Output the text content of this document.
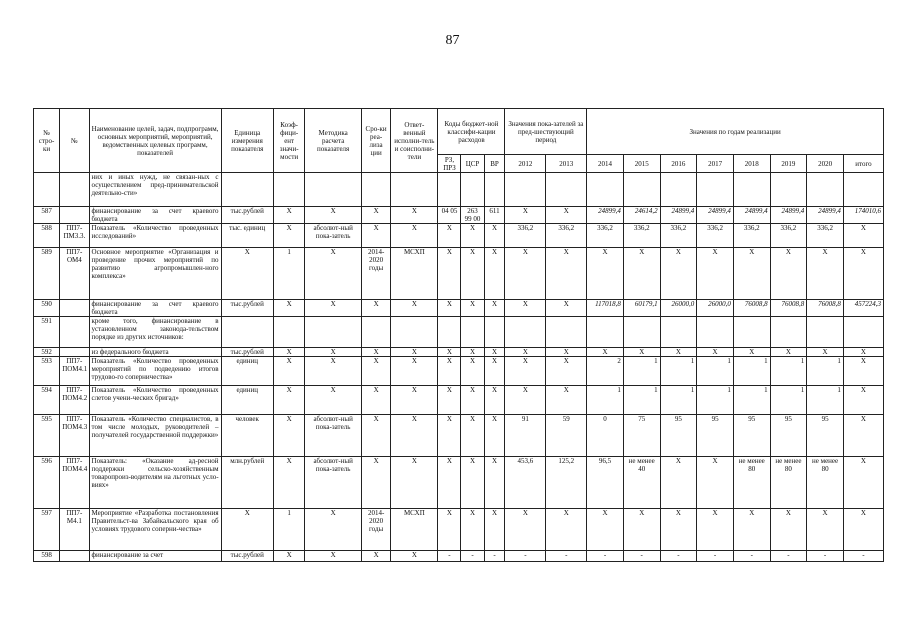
87
№ стро-ки	№	Наименование целей, задач, подпрограмм, основных мероприятий, мероприятий, ведомственных целевых программ, показателей	Единица измерения показателя	Коэф-фици-ент значи-мости	Методика расчета показателя	Сро-ки реа-лиза ции	Ответ-венный исполни-тель и соисполни-тели	Коды бюджет-ной классифи-кации расходов			Значения пока-зателей за пред-шествующий период		Значения по годам реализации							
								РЗ, ПРЗ	ЦСР	ВР	2012	2013	2014	2015	2016	2017	2018	2019	2020	итого
		них и иных нужд, не связан-ных с осуществлением пред-принимательской деятельно-сти»																		
587		финансирование за счет краевого бюджета	тыс.рублей	X	X	X	X	04 05	263 99 00	611	X	X	24899,4	24614,2	24899,4	24899,4	24899,4	24899,4	24899,4	174010,6
588	ПП7-ПМ3.3.	Показатель «Количество проведенных исследований»	тыс. единиц	X	абсолют-ный пока-затель	X	X	X	X	X	336,2	336,2	336,2	336,2	336,2	336,2	336,2	336,2	336,2	X
589	ПП7-ОМ4	Основное мероприятие «Организация и проведение прочих мероприятий по развитию агропромышлен-ного комплекса»	X	1	X	2014-2020 годы	МСХП	X	X	X	X	X	X	X	X	X	X	X	X	X
590		финансирование за счет краевого бюджета	тыс.рублей	X	X	X	X	X	X	X	X	X	117018,8	60179,1	26000,0	26000,0	76008,8	76008,8	76008,8	457224,3
591		кроме того, финансирование в установленном законода-тельством порядке из других источников:																		
592		из федерального бюджета	тыс.рублей	X	X	X	X	X	X	X	X	X	X	X	X	X	X	X	X	X
593	ПП7-ПОМ4.1	Показатель «Количество проведенных мероприятий по подведению итогов трудово-го соперничества»	единиц	X	X	X	X	X	X	X	X	X	2	1	1	1	1	1	1	X
594	ПП7-ПОМ4.2	Показатель «Количество проведенных слетов учени-ческих бригад»	единиц	X	X	X	X	X	X	X	X	X	1	1	1	1	1	1	1	X
595	ПП7-ПОМ4.3	Показатель «Количество специалистов, в том числе молодых, руководителей – получателей государственной поддержки»	человек	X	абсолют-ный пока-затель	X	X	X	X	X	91	59	0	75	95	95	95	95	95	X
596	ПП7-ПОМ4.4	Показатель: «Оказание ад-ресной поддержки сельско-хозяйственным товаропроиз-водителям на льготных усло-виях»	млн.рублей	X	абсолют-ный пока-затель	X	X	X	X	X	453,6	125,2	96,5	не менее 40	X	X	не менее 80	не менее 80	не менее 80	X
597	ПП7-М4.1	Мероприятие «Разработка постановления Правительст-ва Забайкальского края об условиях трудового соперни-чества»	X	1	X	2014-2020 годы	МСХП	X	X	X	X	X	X	X	X	X	X	X	X	X
598		финансирование за счет	тыс.рублей	X	X	X	X	-	-	-	-	-	-	-	-	-	-	-	-	-
